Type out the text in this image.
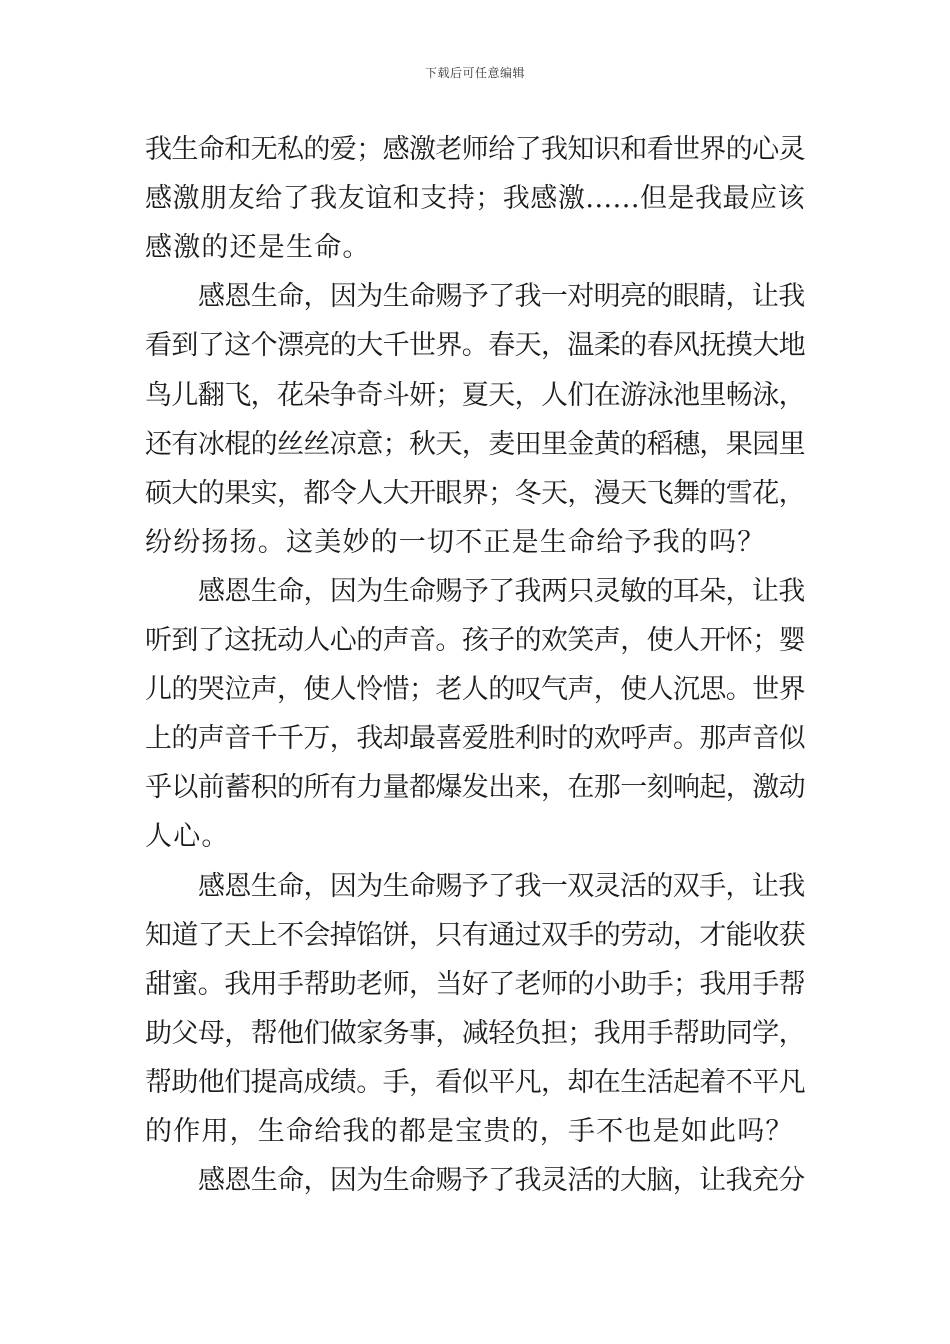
下载后可任意编辑
我生命和无私的爱；感激老师给了我知识和看世界的心灵
感激朋友给了我友谊和支持；我感激......但是我最应该
感激的还是生命。
感恩生命，因为生命赐予了我一对明亮的眼睛，让我
看到了这个漂亮的大千世界。春天，温柔的春风抚摸大地
鸟儿翻飞，花朵争奇斗妍；夏天，人们在游泳池里畅泳，
还有冰棍的丝丝凉意；秋天，麦田里金黄的稻穗，果园里
硕大的果实，都令人大开眼界；冬天，漫天飞舞的雪花，
纷纷扬扬。这美妙的一切不正是生命给予我的吗？
感恩生命，因为生命赐予了我两只灵敏的耳朵，让我
听到了这抚动人心的声音。孩子的欢笑声，使人开怀；婴
儿的哭泣声，使人怜惜；老人的叹气声，使人沉思。世界
上的声音千千万，我却最喜爱胜利时的欢呼声。那声音似
乎以前蓄积的所有力量都爆发出来，在那一刻响起，激动
人心。
感恩生命，因为生命赐予了我一双灵活的双手，让我
知道了天上不会掉馅饼，只有通过双手的劳动，才能收获
甜蜜。我用手帮助老师，当好了老师的小助手；我用手帮
助父母，帮他们做家务事，减轻负担；我用手帮助同学，
帮助他们提高成绩。手，看似平凡，却在生活起着不平凡
的作用，生命给我的都是宝贵的，手不也是如此吗？
感恩生命，因为生命赐予了我灵活的大脑，让我充分
